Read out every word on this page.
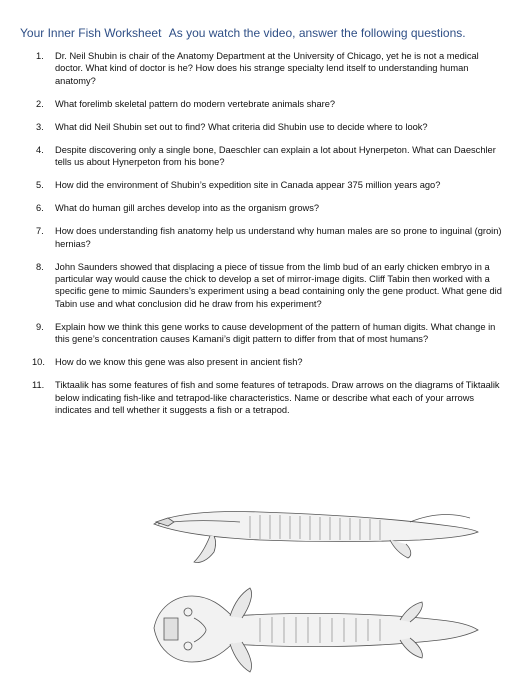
Your Inner Fish Worksheet As you watch the video, answer the following questions.
1. Dr. Neil Shubin is chair of the Anatomy Department at the University of Chicago, yet he is not a medical doctor. What kind of doctor is he? How does his strange specialty lend itself to understanding human anatomy?
2. What forelimb skeletal pattern do modern vertebrate animals share?
3. What did Neil Shubin set out to find? What criteria did Shubin use to decide where to look?
4. Despite discovering only a single bone, Daeschler can explain a lot about Hynerpeton. What can Daeschler tells us about Hynerpeton from his bone?
5. How did the environment of Shubin’s expedition site in Canada appear 375 million years ago?
6. What do human gill arches develop into as the organism grows?
7. How does understanding fish anatomy help us understand why human males are so prone to inguinal (groin) hernias?
8. John Saunders showed that displacing a piece of tissue from the limb bud of an early chicken embryo in a particular way would cause the chick to develop a set of mirror-image digits. Cliff Tabin then worked with a specific gene to mimic Saunders’s experiment using a bead containing only the gene product. What gene did Tabin use and what conclusion did he draw from his experiment?
9. Explain how we think this gene works to cause development of the pattern of human digits. What change in this gene’s concentration causes Kamani’s digit pattern to differ from that of most humans?
10. How do we know this gene was also present in ancient fish?
11. Tiktaalik has some features of fish and some features of tetrapods. Draw arrows on the diagrams of Tiktaalik below indicating fish-like and tetrapod-like characteristics. Name or describe what each of your arrows indicates and tell whether it suggests a fish or a tetrapod.
